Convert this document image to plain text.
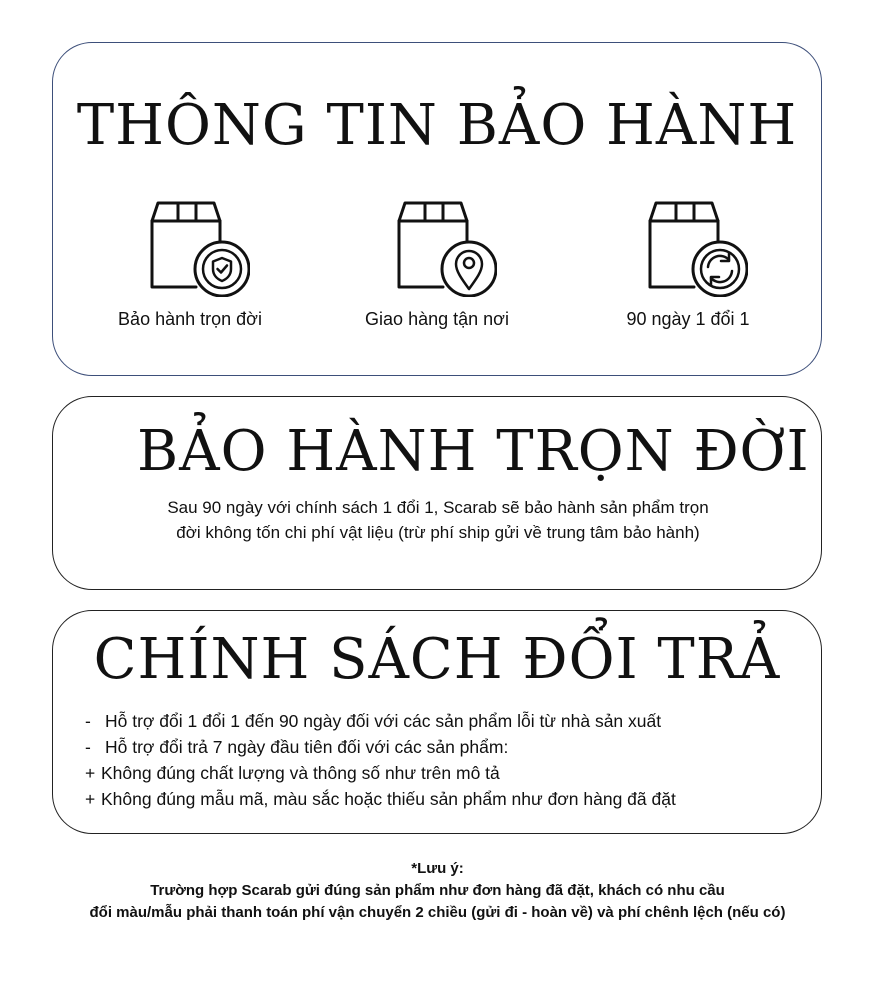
THÔNG TIN BẢO HÀNH
Bảo hành trọn đời	Giao hàng tận nơi	90 ngày 1 đổi 1
BẢO HÀNH TRỌN ĐỜI

Sau 90 ngày với chính sách 1 đổi 1, Scarab sẽ bảo hành sản phẩm trọn
đời không tốn chi phí vật liệu (trừ phí ship gửi về trung tâm bảo hành)

CHÍNH SÁCH ĐỔI TRẢ
- Hỗ trợ đổi 1 đổi 1 đến 90 ngày đối với các sản phẩm lỗi từ nhà sản xuất
- Hỗ trợ đổi trả 7 ngày đầu tiên đối với các sản phẩm:
+ Không đúng chất lượng và thông số như trên mô tả
+ Không đúng mẫu mã, màu sắc hoặc thiếu sản phẩm như đơn hàng đã đặt
*Lưu ý:
Trường hợp Scarab gửi đúng sản phẩm như đơn hàng đã đặt, khách có nhu cầu
đổi màu/mẫu phải thanh toán phí vận chuyển 2 chiều (gửi đi - hoàn về) và phí chênh lệch (nếu có)
